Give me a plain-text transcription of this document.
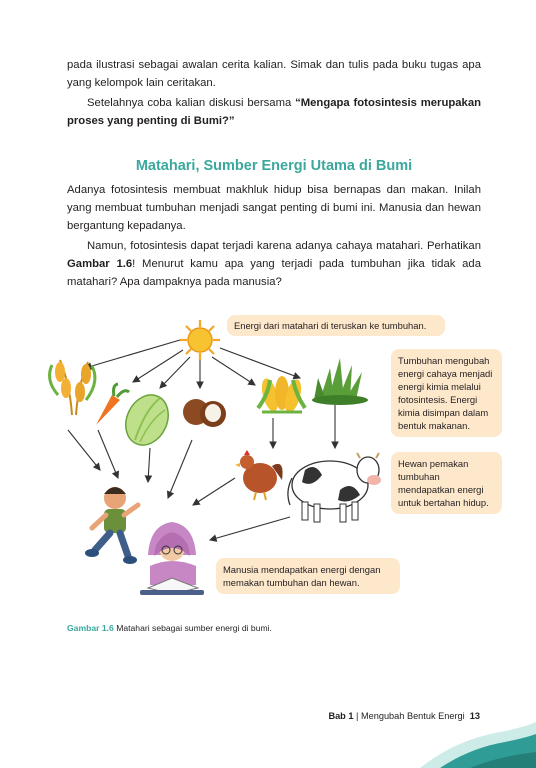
pada ilustrasi sebagai awalan cerita kalian. Simak dan tulis pada buku tugas apa yang kelompok lain ceritakan.
Setelahnya coba kalian diskusi bersama “Mengapa fotosintesis merupakan proses yang penting di Bumi?”
Matahari, Sumber Energi Utama di Bumi
Adanya fotosintesis membuat makhluk hidup bisa bernapas dan makan. Inilah yang membuat tumbuhan menjadi sangat penting di bumi ini. Manusia dan hewan bergantung kepadanya.
Namun, fotosintesis dapat terjadi karena adanya cahaya matahari. Perhatikan Gambar 1.6! Menurut kamu apa yang terjadi pada tumbuhan jika tidak ada matahari? Apa dampaknya pada manusia?
Energi dari matahari di teruskan ke tumbuhan.
Tumbuhan mengubah energi cahaya menjadi energi kimia melalui fotosintesis. Energi kimia disimpan dalam bentuk makanan.
Hewan pemakan tumbuhan mendapatkan energi untuk bertahan hidup.
Manusia mendapatkan energi dengan memakan tumbuhan dan hewan.
Gambar 1.6 Matahari sebagai sumber energi di bumi.
Bab 1 | Mengubah Bentuk Energi 13
